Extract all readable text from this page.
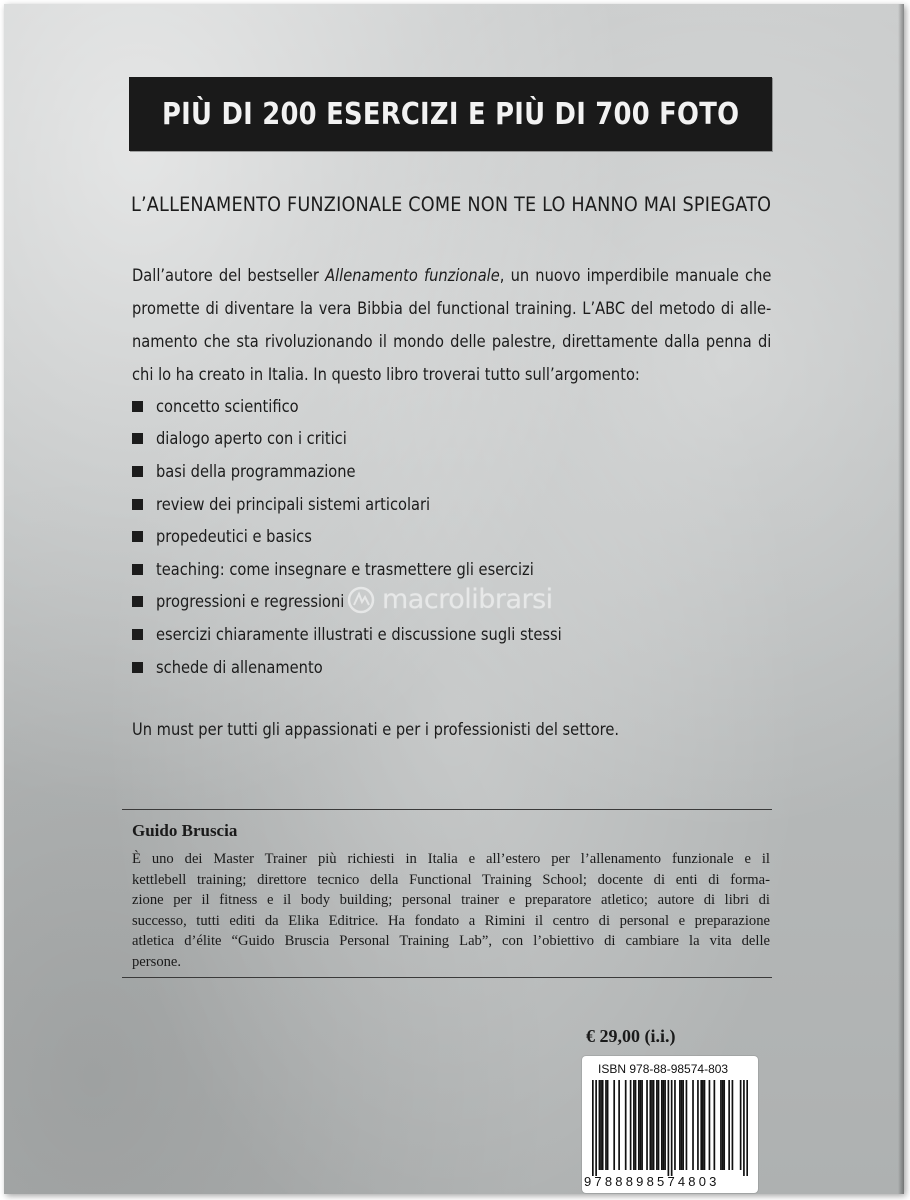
PIÙ DI 200 ESERCIZI E PIÙ DI 700 FOTO
L’ALLENAMENTO FUNZIONALE COME NON TE LO HANNO MAI SPIEGATO
Dall’autore del bestseller Allenamento funzionale, un nuovo imperdibile manuale che
promette di diventare la vera Bibbia del functional training. L’ABC del metodo di alle-
namento che sta rivoluzionando il mondo delle palestre, direttamente dalla penna di
chi lo ha creato in Italia. In questo libro troverai tutto sull’argomento:
concetto scientifico
dialogo aperto con i critici
basi della programmazione
review dei principali sistemi articolari
propedeutici e basics
teaching: come insegnare e trasmettere gli esercizi
progressioni e regressioni
esercizi chiaramente illustrati e discussione sugli stessi
schede di allenamento
macrolibrarsi
Un must per tutti gli appassionati e per i professionisti del settore.
Guido Bruscia
È uno dei Master Trainer più richiesti in Italia e all’estero per l’allenamento funzionale e il
kettlebell training; direttore tecnico della Functional Training School; docente di enti di forma-
zione per il fitness e il body building; personal trainer e preparatore atletico; autore di libri di
successo, tutti editi da Elika Editrice. Ha fondato a Rimini il centro di personal e preparazione
atletica d’élite “Guido Bruscia Personal Training Lab”, con l’obiettivo di cambiare la vita delle
persone.
€ 29,00 (i.i.)
ISBN 978-88-98574-803
9788898574803
